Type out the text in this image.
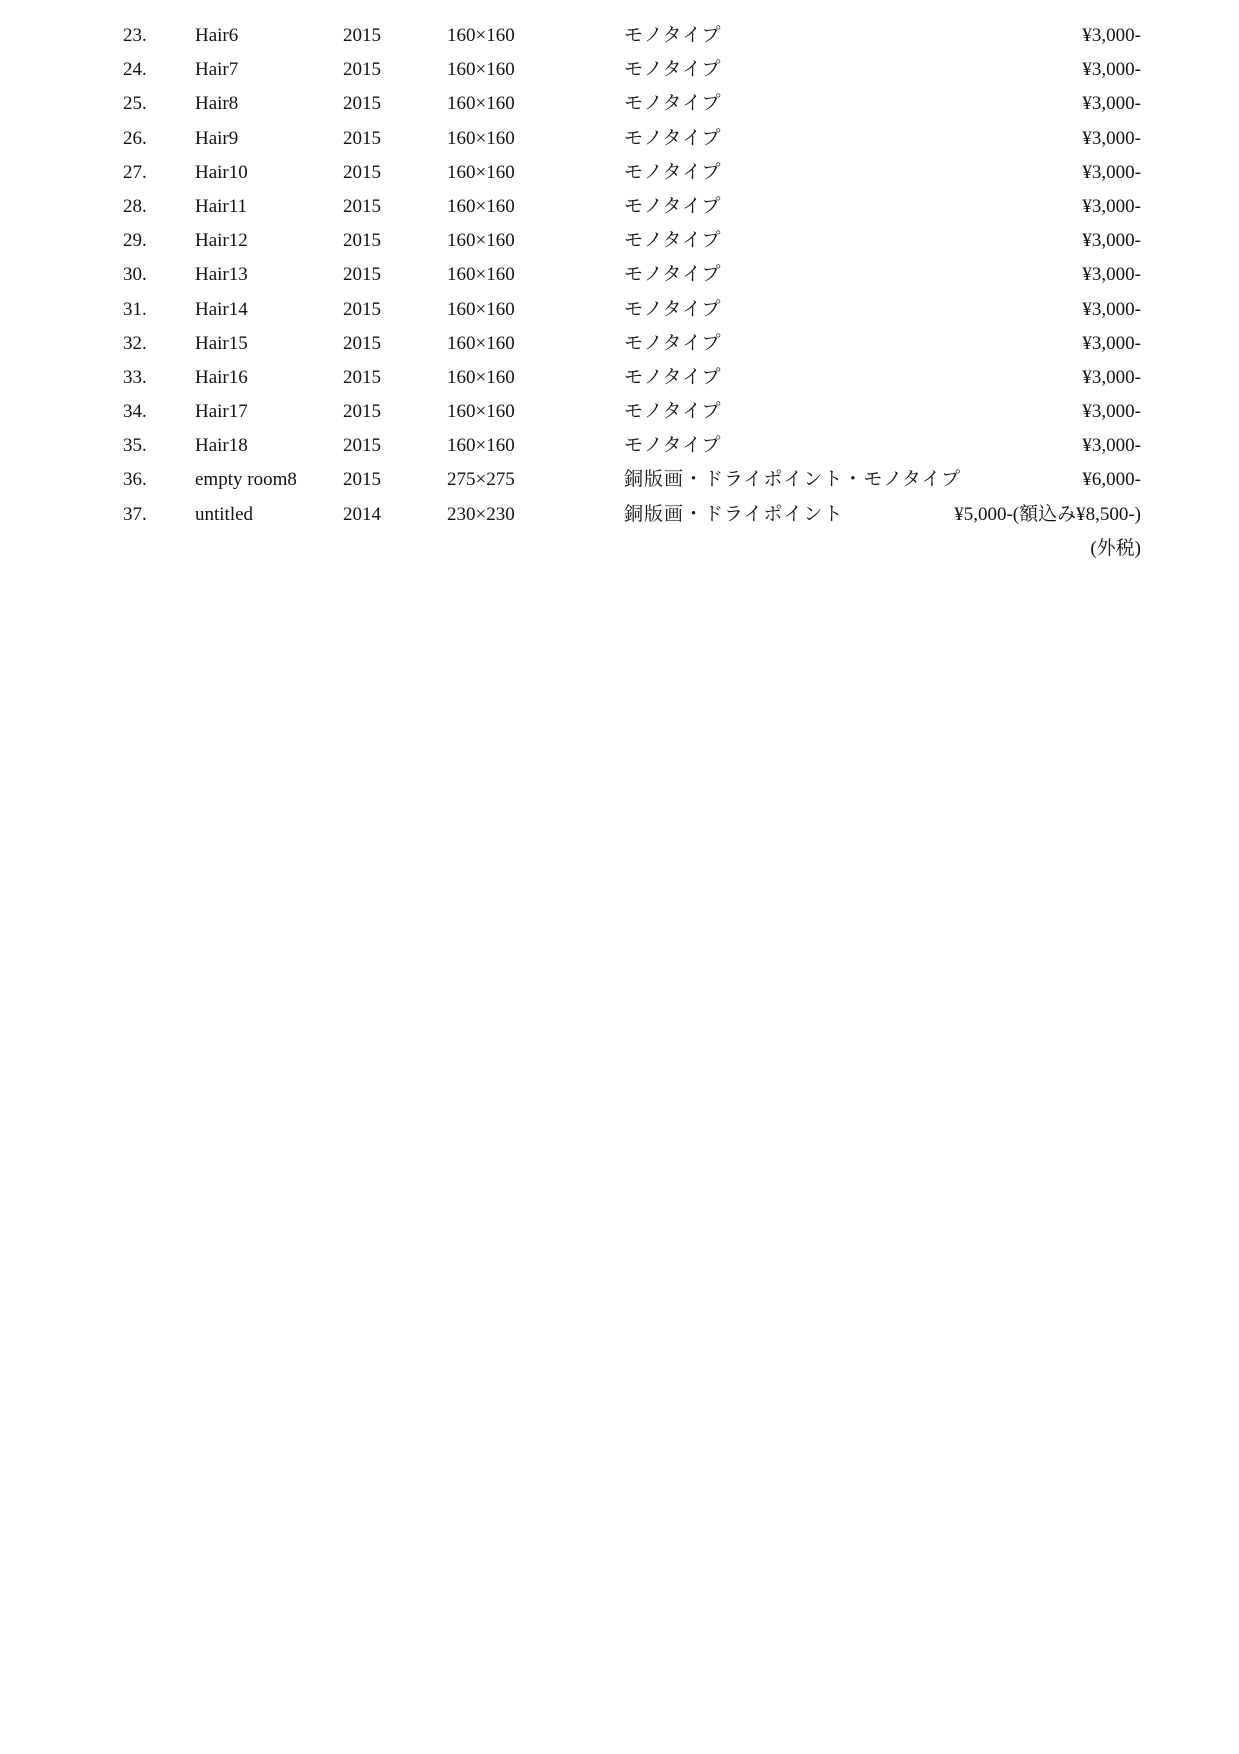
23.	Hair6	2015	160×160	モノタイプ	¥3,000-
24.	Hair7	2015	160×160	モノタイプ	¥3,000-
25.	Hair8	2015	160×160	モノタイプ	¥3,000-
26.	Hair9	2015	160×160	モノタイプ	¥3,000-
27.	Hair10	2015	160×160	モノタイプ	¥3,000-
28.	Hair11	2015	160×160	モノタイプ	¥3,000-
29.	Hair12	2015	160×160	モノタイプ	¥3,000-
30.	Hair13	2015	160×160	モノタイプ	¥3,000-
31.	Hair14	2015	160×160	モノタイプ	¥3,000-
32.	Hair15	2015	160×160	モノタイプ	¥3,000-
33.	Hair16	2015	160×160	モノタイプ	¥3,000-
34.	Hair17	2015	160×160	モノタイプ	¥3,000-
35.	Hair18	2015	160×160	モノタイプ	¥3,000-
36.	empty room8 2015	275×275	銅版画・ドライポイント・モノタイプ	¥6,000-
37.	untitled	2014	230×230	銅版画・ドライポイント	¥5,000-(額込み¥8,500-)
(外税)
